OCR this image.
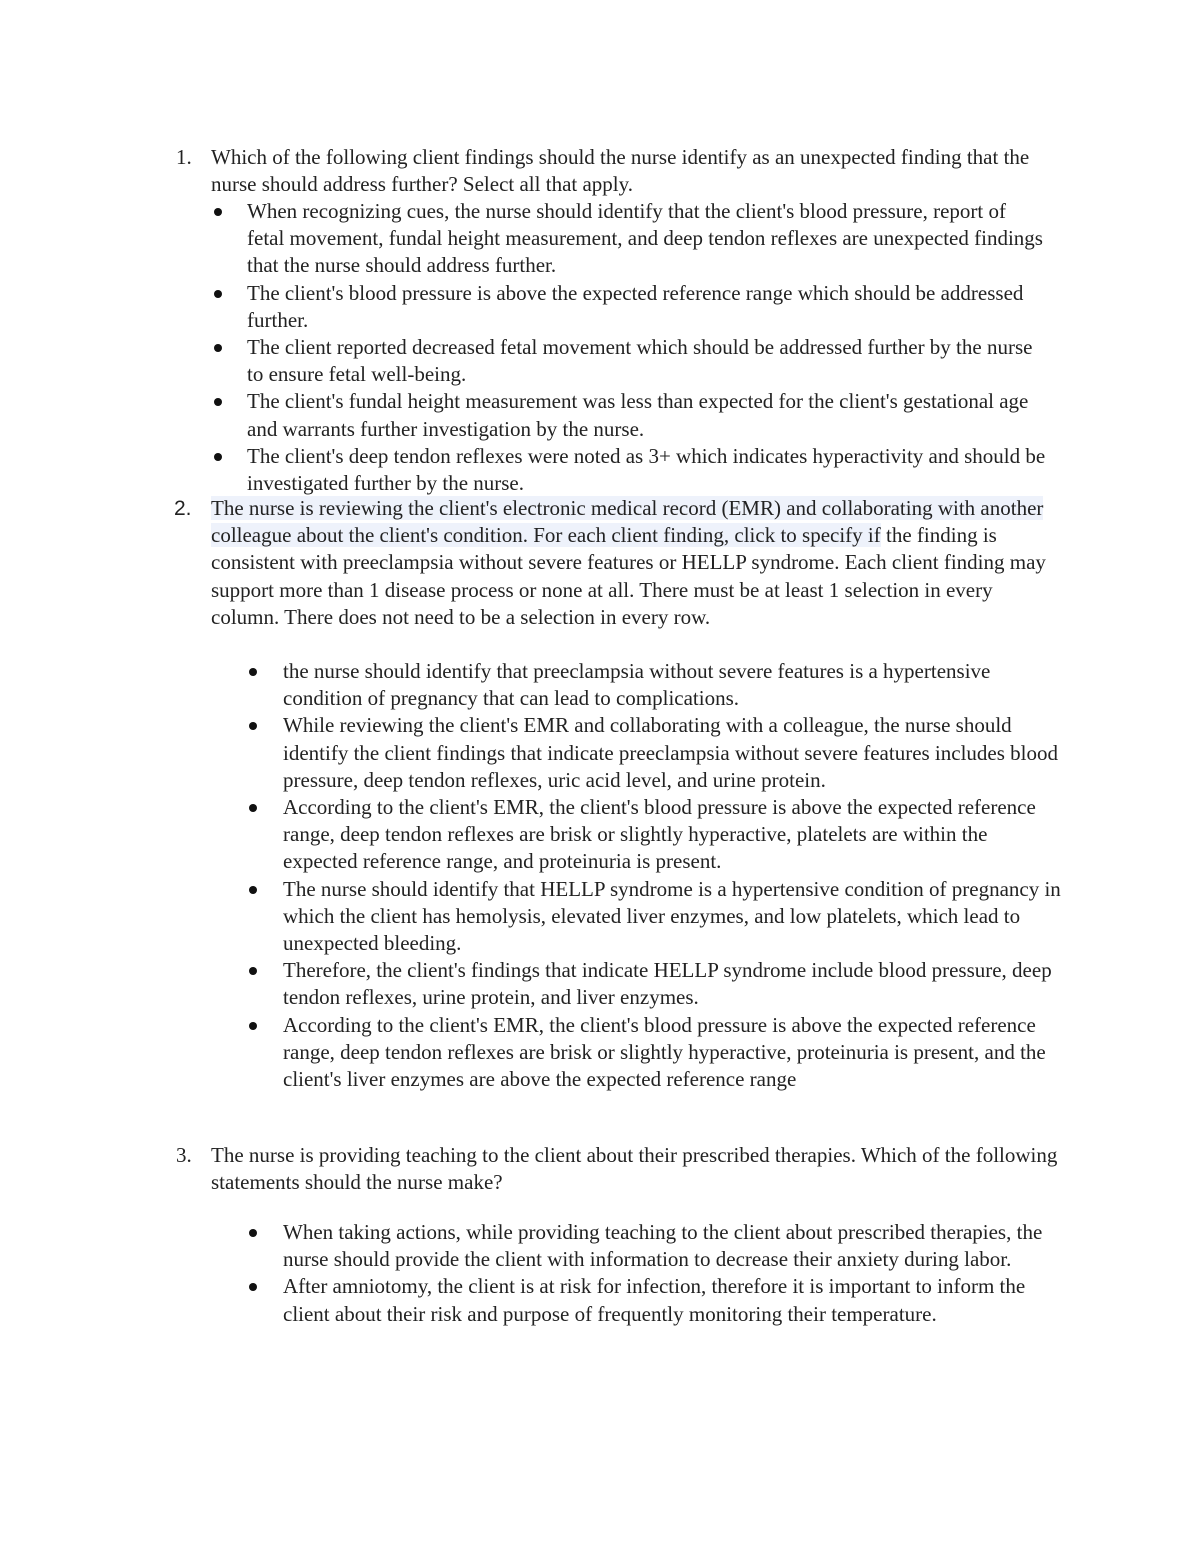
1. Which of the following client findings should the nurse identify as an unexpected finding that the nurse should address further? Select all that apply.

When recognizing cues, the nurse should identify that the client's blood pressure, report of fetal movement, fundal height measurement, and deep tendon reflexes are unexpected findings that the nurse should address further.
The client's blood pressure is above the expected reference range which should be addressed further.
The client reported decreased fetal movement which should be addressed further by the nurse to ensure fetal well-being.
The client's fundal height measurement was less than expected for the client's gestational age and warrants further investigation by the nurse.
The client's deep tendon reflexes were noted as 3+ which indicates hyperactivity and should be investigated further by the nurse.
2. The nurse is reviewing the client's electronic medical record (EMR) and collaborating with another colleague about the client's condition. For each client finding, click to specify if the finding is consistent with preeclampsia without severe features or HELLP syndrome. Each client finding may support more than 1 disease process or none at all. There must be at least 1 selection in every column. There does not need to be a selection in every row.

the nurse should identify that preeclampsia without severe features is a hypertensive condition of pregnancy that can lead to complications.
While reviewing the client's EMR and collaborating with a colleague, the nurse should identify the client findings that indicate preeclampsia without severe features includes blood pressure, deep tendon reflexes, uric acid level, and urine protein.
According to the client's EMR, the client's blood pressure is above the expected reference range, deep tendon reflexes are brisk or slightly hyperactive, platelets are within the expected reference range, and proteinuria is present.
The nurse should identify that HELLP syndrome is a hypertensive condition of pregnancy in which the client has hemolysis, elevated liver enzymes, and low platelets, which lead to unexpected bleeding.
Therefore, the client's findings that indicate HELLP syndrome include blood pressure, deep tendon reflexes, urine protein, and liver enzymes.
According to the client's EMR, the client's blood pressure is above the expected reference range, deep tendon reflexes are brisk or slightly hyperactive, proteinuria is present, and the client's liver enzymes are above the expected reference range
3. The nurse is providing teaching to the client about their prescribed therapies. Which of the following statements should the nurse make?

When taking actions, while providing teaching to the client about prescribed therapies, the nurse should provide the client with information to decrease their anxiety during labor.
After amniotomy, the client is at risk for infection, therefore it is important to inform the client about their risk and purpose of frequently monitoring their temperature.
